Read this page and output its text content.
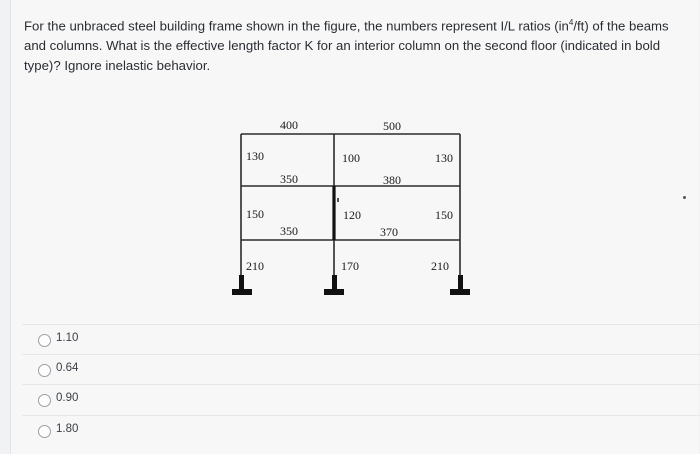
For the unbraced steel building frame shown in the figure, the numbers represent I/L ratios $(in^4/ft)$ of the beams and columns. What is the effective length factor K for an interior column on the second floor (indicated in bold type)? Ignore inelastic behavior.
400	500
130	100	130
350	380
150	120	150
350	370
210	170	210
1.10
0.64
0.90
1.80
